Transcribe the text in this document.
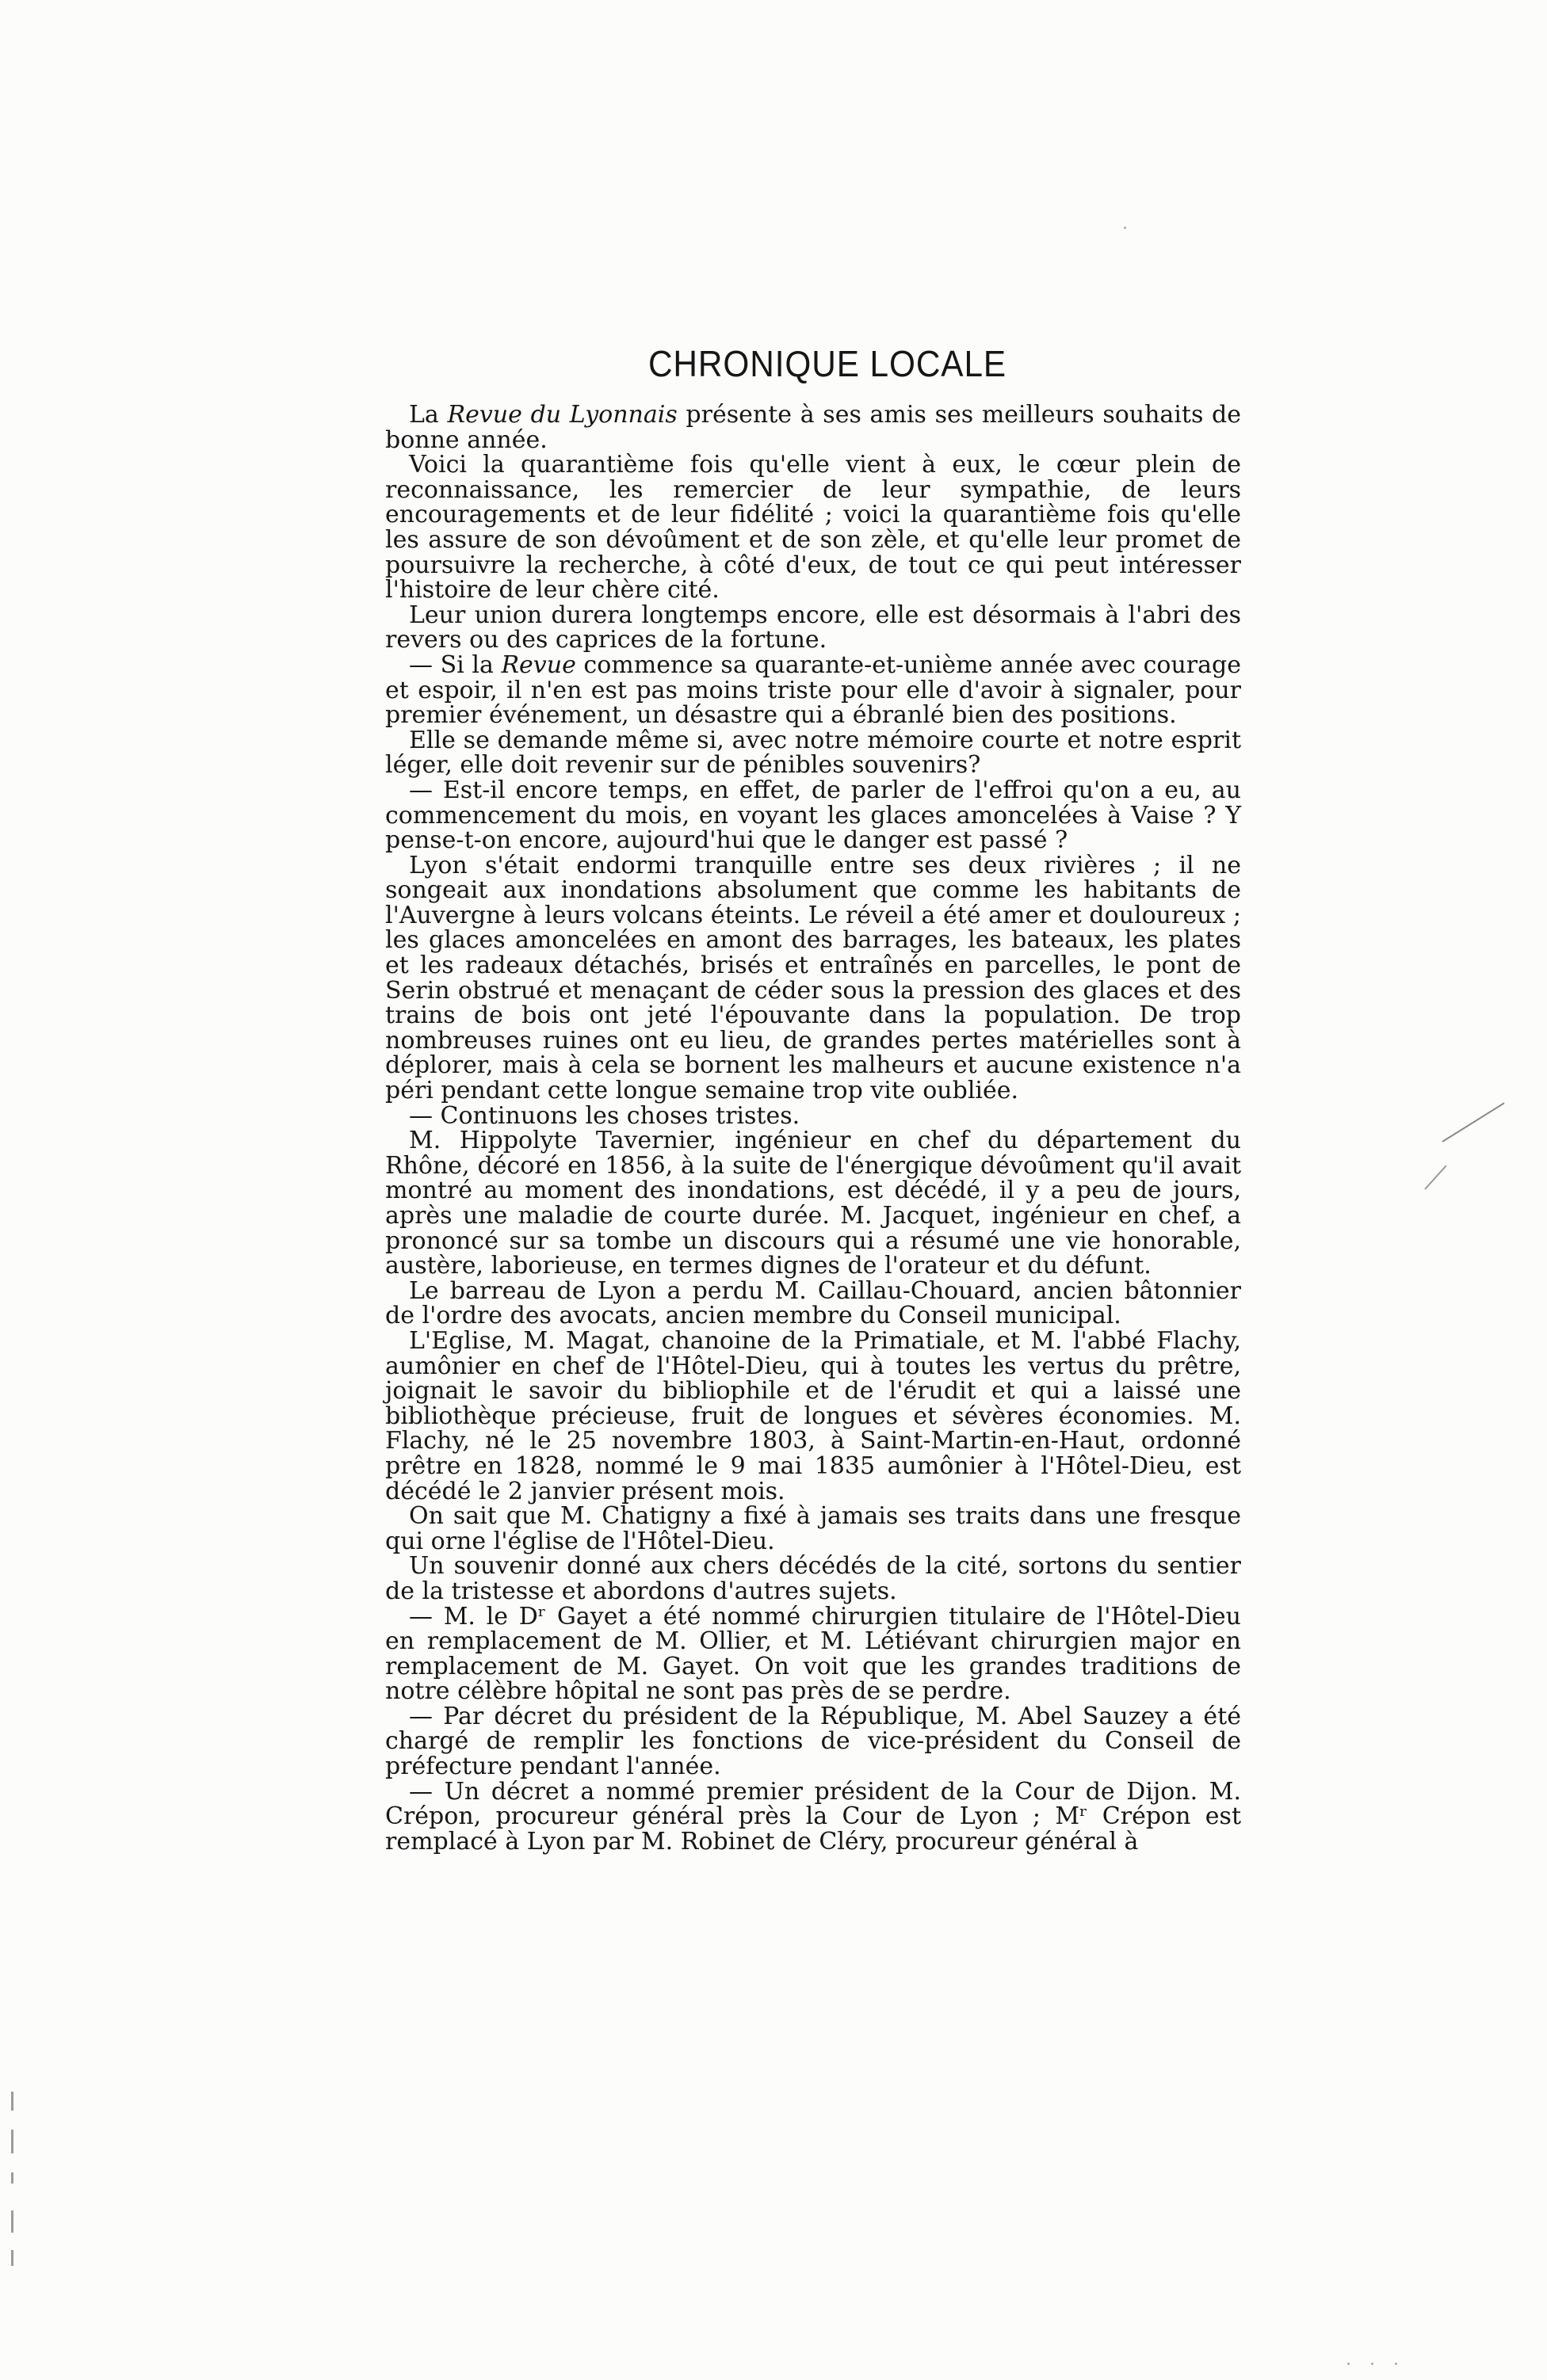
CHRONIQUE LOCALE

La Revue du Lyonnais présente à ses amis ses meilleurs souhaits de bonne année.

Voici la quarantième fois qu'elle vient à eux, le cœur plein de reconnaissance, les remercier de leur sympathie, de leurs encouragements et de leur fidélité ; voici la quarantième fois qu'elle les assure de son dévoûment et de son zèle, et qu'elle leur promet de poursuivre la recherche, à côté d'eux, de tout ce qui peut intéresser l'histoire de leur chère cité.

Leur union durera longtemps encore, elle est désormais à l'abri des revers ou des caprices de la fortune.

— Si la Revue commence sa quarante-et-unième année avec courage et espoir, il n'en est pas moins triste pour elle d'avoir à signaler, pour premier événement, un désastre qui a ébranlé bien des positions.

Elle se demande même si, avec notre mémoire courte et notre esprit léger, elle doit revenir sur de pénibles souvenirs?

— Est-il encore temps, en effet, de parler de l'effroi qu'on a eu, au commencement du mois, en voyant les glaces amoncelées à Vaise ? Y pense-t-on encore, aujourd'hui que le danger est passé ?

Lyon s'était endormi tranquille entre ses deux rivières ; il ne songeait aux inondations absolument que comme les habitants de l'Auvergne à leurs volcans éteints. Le réveil a été amer et douloureux ; les glaces amoncelées en amont des barrages, les bateaux, les plates et les radeaux détachés, brisés et entraînés en parcelles, le pont de Serin obstrué et menaçant de céder sous la pression des glaces et des trains de bois ont jeté l'épouvante dans la population. De trop nombreuses ruines ont eu lieu, de grandes pertes matérielles sont à déplorer, mais à cela se bornent les malheurs et aucune existence n'a péri pendant cette longue semaine trop vite oubliée.

— Continuons les choses tristes.

M. Hippolyte Tavernier, ingénieur en chef du département du Rhône, décoré en 1856, à la suite de l'énergique dévoûment qu'il avait montré au moment des inondations, est décédé, il y a peu de jours, après une maladie de courte durée. M. Jacquet, ingénieur en chef, a prononcé sur sa tombe un discours qui a résumé une vie honorable, austère, laborieuse, en termes dignes de l'orateur et du défunt.

Le barreau de Lyon a perdu M. Caillau-Chouard, ancien bâtonnier de l'ordre des avocats, ancien membre du Conseil municipal.

L'Eglise, M. Magat, chanoine de la Primatiale, et M. l'abbé Flachy, aumônier en chef de l'Hôtel-Dieu, qui à toutes les vertus du prêtre, joignait le savoir du bibliophile et de l'érudit et qui a laissé une bibliothèque précieuse, fruit de longues et sévères économies. M. Flachy, né le 25 novembre 1803, à Saint-Martin-en-Haut, ordonné prêtre en 1828, nommé le 9 mai 1835 aumônier à l'Hôtel-Dieu, est décédé le 2 janvier présent mois.

On sait que M. Chatigny a fixé à jamais ses traits dans une fresque qui orne l'église de l'Hôtel-Dieu.

Un souvenir donné aux chers décédés de la cité, sortons du sentier de la tristesse et abordons d'autres sujets.

— M. le Dʳ Gayet a été nommé chirurgien titulaire de l'Hôtel-Dieu en remplacement de M. Ollier, et M. Létiévant chirurgien major en remplacement de M. Gayet. On voit que les grandes traditions de notre célèbre hôpital ne sont pas près de se perdre.

— Par décret du président de la République, M. Abel Sauzey a été chargé de remplir les fonctions de vice-président du Conseil de préfecture pendant l'année.

— Un décret a nommé premier président de la Cour de Dijon. M. Crépon, procureur général près la Cour de Lyon ; Mʳ Crépon est remplacé à Lyon par M. Robinet de Cléry, procureur général à
